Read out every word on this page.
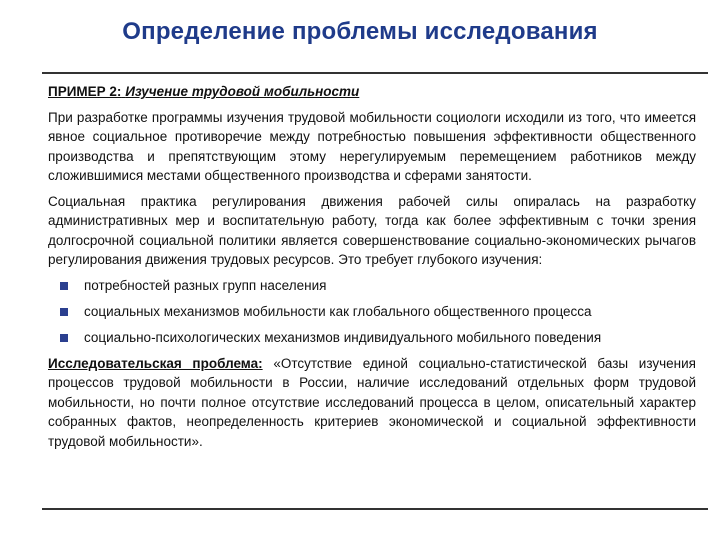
Определение проблемы исследования
ПРИМЕР 2: Изучение трудовой мобильности

При разработке программы изучения трудовой мобильности социологи исходили из того, что имеется явное социальное противоречие между потребностью повышения эффективности общественного производства и препятствующим этому нерегулируемым перемещением работников между сложившимися местами общественного производства и сферами занятости.

Социальная практика регулирования движения рабочей силы опиралась на разработку административных мер и воспитательную работу, тогда как более эффективным с точки зрения долгосрочной социальной политики является совершенствование социально-экономических рычагов регулирования движения трудовых ресурсов. Это требует глубокого изучения:

потребностей разных групп населения
социальных механизмов мобильности как глобального общественного процесса
социально-психологических механизмов индивидуального мобильного поведения

Исследовательская проблема: «Отсутствие единой социально-статистической базы изучения процессов трудовой мобильности в России, наличие исследований отдельных форм трудовой мобильности, но почти полное отсутствие исследований процесса в целом, описательный характер собранных фактов, неопределенность критериев экономической и социальной эффективности трудовой мобильности».
